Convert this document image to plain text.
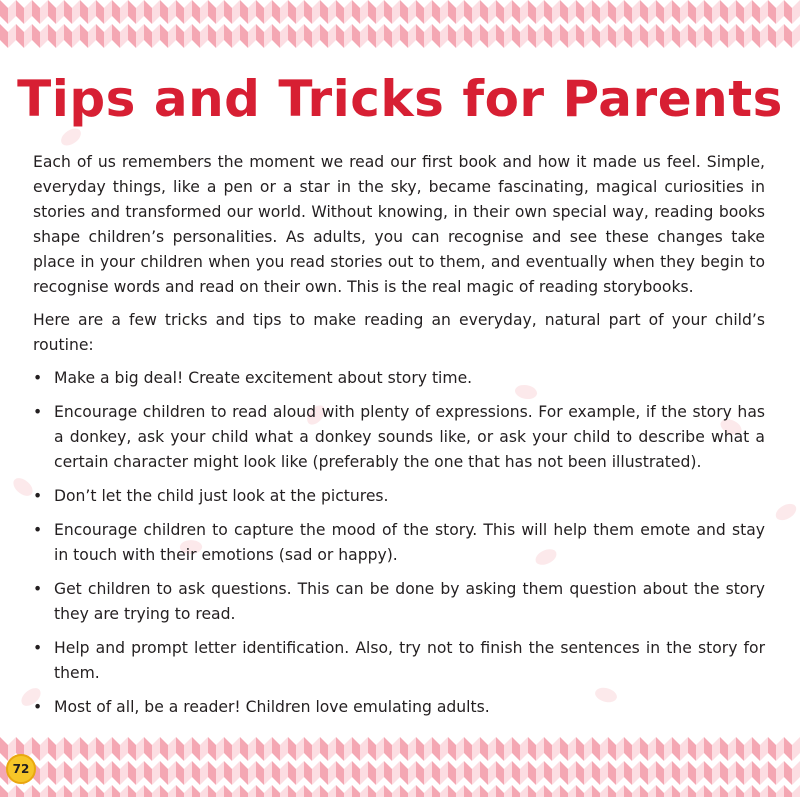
Tips and Tricks for Parents

Each of us remembers the moment we read our first book and how it made us feel. Simple, everyday things, like a pen or a star in the sky, became fascinating, magical curiosities in stories and transformed our world. Without knowing, in their own special way, reading books shape children’s personalities. As adults, you can recognise and see these changes take place in your children when you read stories out to them, and eventually when they begin to recognise words and read on their own. This is the real magic of reading storybooks.

Here are a few tricks and tips to make reading an everyday, natural part of your child’s routine:

• Make a big deal! Create excitement about story time.
• Encourage children to read aloud with plenty of expressions. For example, if the story has a donkey, ask your child what a donkey sounds like, or ask your child to describe what a certain character might look like (preferably the one that has not been illustrated).
• Don’t let the child just look at the pictures.
• Encourage children to capture the mood of the story. This will help them emote and stay in touch with their emotions (sad or happy).
• Get children to ask questions. This can be done by asking them question about the story they are trying to read.
• Help and prompt letter identification. Also, try not to finish the sentences in the story for them.
• Most of all, be a reader! Children love emulating adults.
72
